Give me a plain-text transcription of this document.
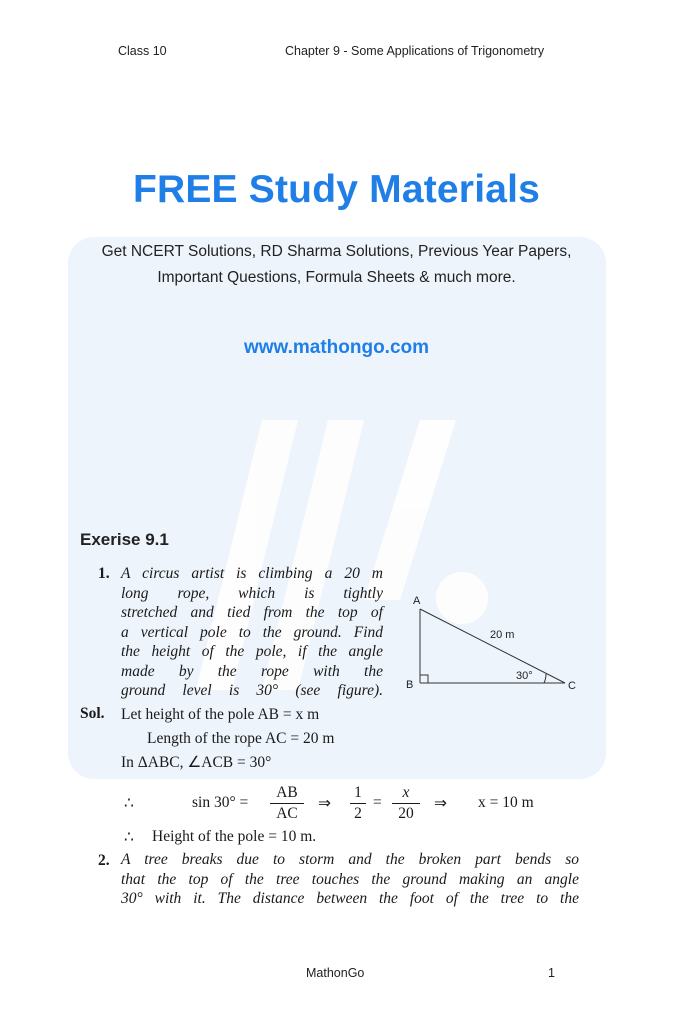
Class 10	Chapter 9 - Some Applications of Trigonometry
FREE Study Materials
Get NCERT Solutions, RD Sharma Solutions, Previous Year Papers,
Important Questions, Formula Sheets & much more.
www.mathongo.com
Exerise 9.1
1. A circus artist is climbing a 20 m
long rope, which is tightly
stretched and tied from the top of
a vertical pole to the ground. Find
the height of the pole, if the angle
made by the rope with the
ground level is 30° (see figure).
A
B	C
20 m
30°
Sol. Let height of the pole AB = x m
Length of the rope AC = 20 m
In ΔABC, ∠ACB = 30°
∴	sin 30° =
AB
AC
⇒
1
2
=
x
20
⇒ x = 10 m
∴ Height of the pole = 10 m.
2. A tree breaks due to storm and the broken part bends so
that the top of the tree touches the ground making an angle
30° with it. The distance between the foot of the tree to the
MathonGo	1
